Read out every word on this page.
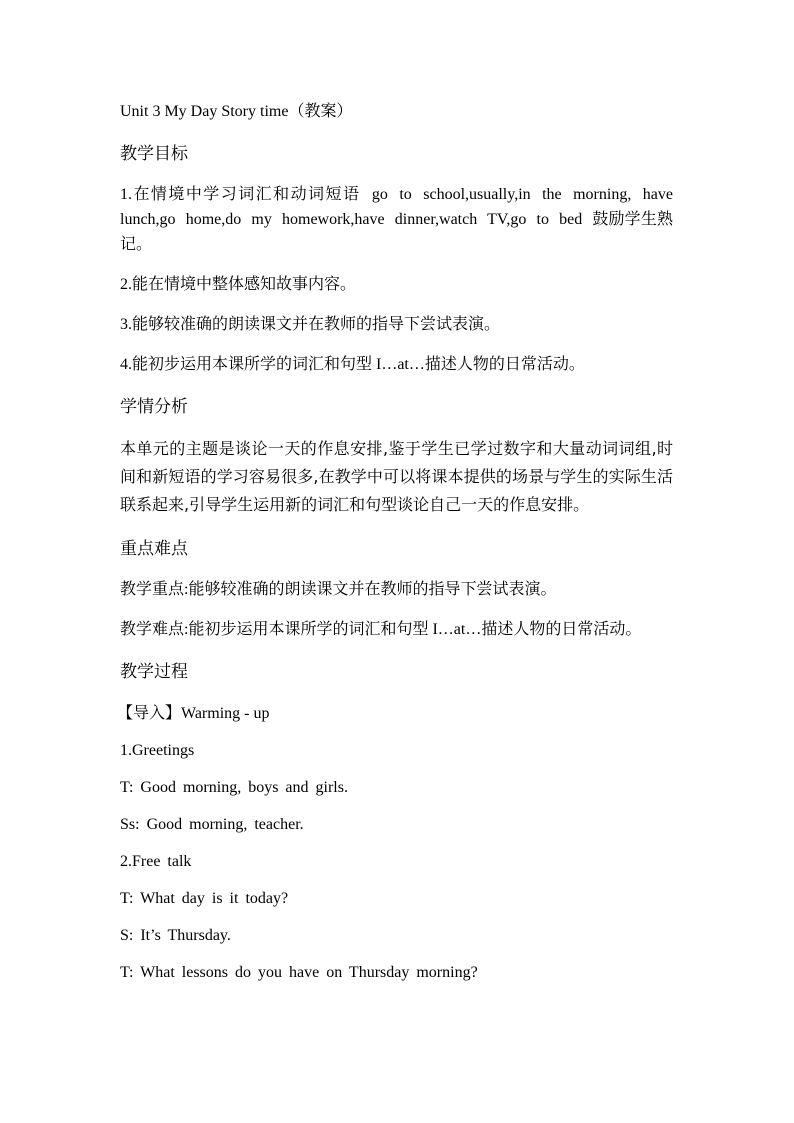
Unit 3 My Day Story time（教案）

教学目标

1.在情境中学习词汇和动词短语 go to school,usually,in the morning, have lunch,go home,do my homework,have dinner,watch TV,go to bed 鼓励学生熟记。

2.能在情境中整体感知故事内容。

3.能够较准确的朗读课文并在教师的指导下尝试表演。

4.能初步运用本课所学的词汇和句型 I…at…描述人物的日常活动。

学情分析

本单元的主题是谈论一天的作息安排,鉴于学生已学过数字和大量动词词组,时间和新短语的学习容易很多,在教学中可以将课本提供的场景与学生的实际生活联系起来,引导学生运用新的词汇和句型谈论自己一天的作息安排。

重点难点

教学重点:能够较准确的朗读课文并在教师的指导下尝试表演。

教学难点:能初步运用本课所学的词汇和句型 I…at…描述人物的日常活动。

教学过程

【导入】Warming - up

1.Greetings

T: Good morning, boys and girls.

Ss: Good morning, teacher.

2.Free talk

T: What day is it today?

S: It’s Thursday.

T: What lessons do you have on Thursday morning?
